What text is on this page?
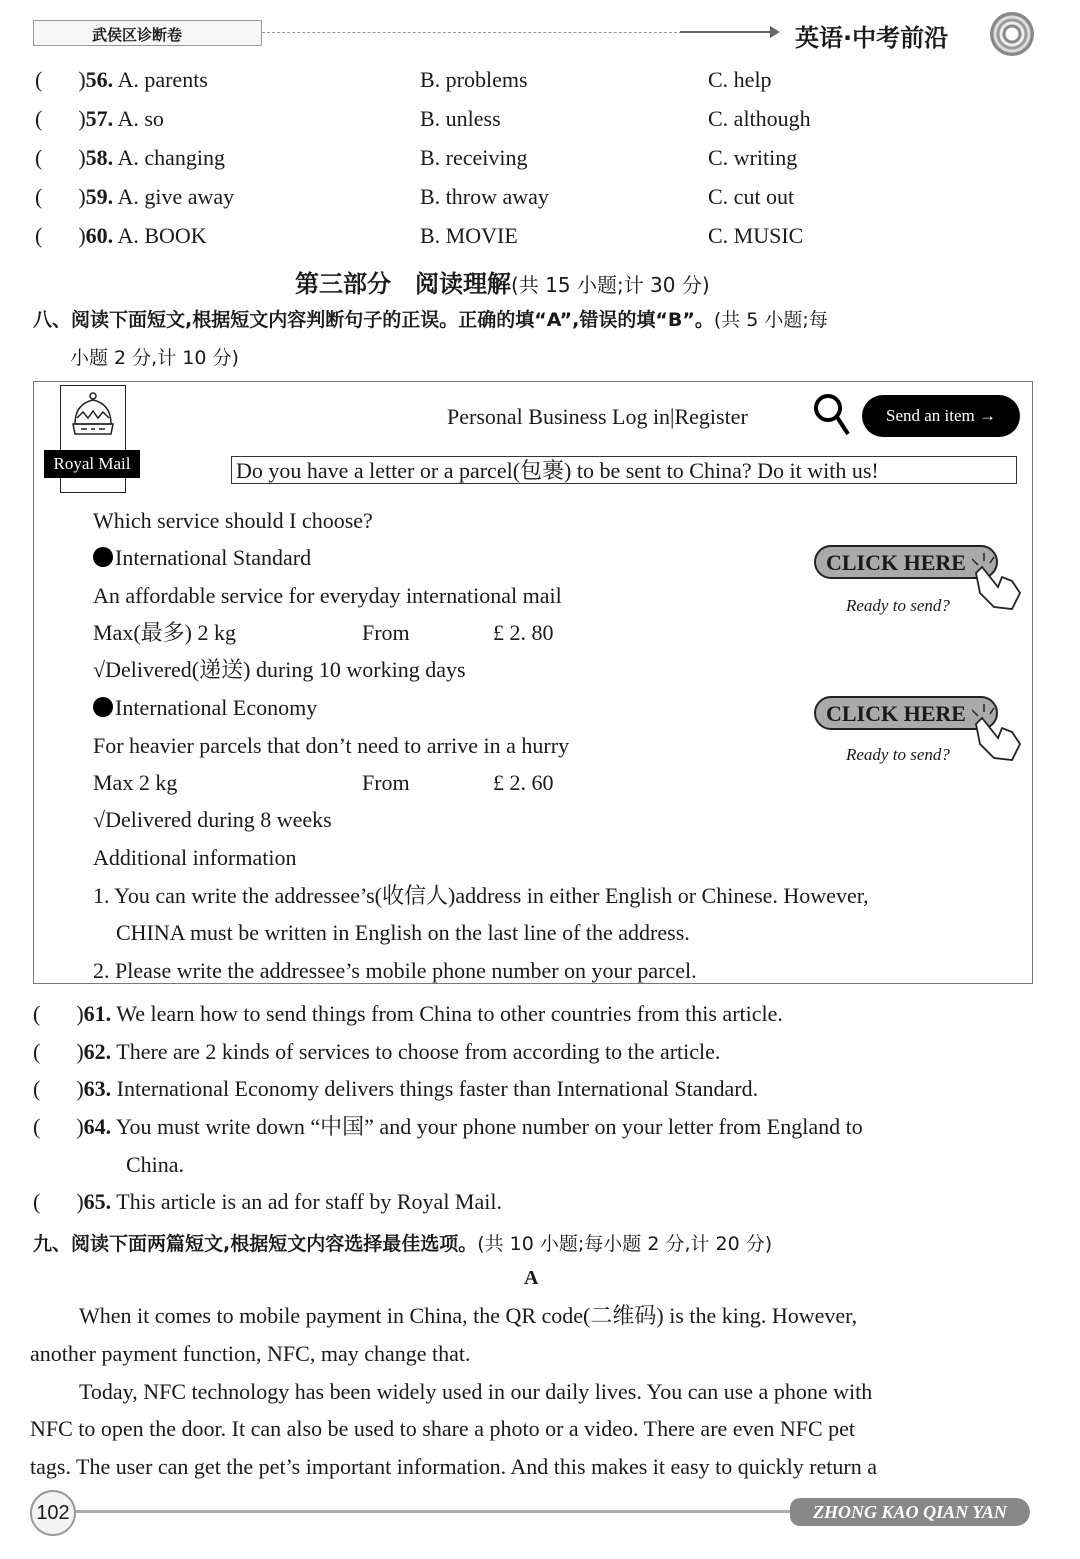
武侯区诊断卷	英语·中考前沿
( )56. A. parents	B. problems	C. help
( )57. A. so	B. unless	C. although
( )58. A. changing	B. receiving	C. writing
( )59. A. give away	B. throw away	C. cut out
( )60. A. BOOK	B. MOVIE	C. MUSIC
第三部分　阅读理解(共 15 小题;计 30 分)
八、阅读下面短文,根据短文内容判断句子的正误。正确的填“A”,错误的填“B”。(共 5 小题;每
小题 2 分,计 10 分)
Royal Mail
Personal Business Log in|Register	Send an item →
Do you have a letter or a parcel(包裹) to be sent to China? Do it with us!
Which service should I choose?
International Standard
An affordable service for everyday international mail
Max(最多) 2 kg	From	£ 2. 80
√Delivered(递送) during 10 working days
CLICK HERE
Ready to send?
International Economy
For heavier parcels that don’t need to arrive in a hurry
Max 2 kg	From	£ 2. 60
√Delivered during 8 weeks
CLICK HERE
Ready to send?
Additional information
1. You can write the addressee’s(收信人)address in either English or Chinese. However,
CHINA must be written in English on the last line of the address.
2. Please write the addressee’s mobile phone number on your parcel.
( )61. We learn how to send things from China to other countries from this article.
( )62. There are 2 kinds of services to choose from according to the article.
( )63. International Economy delivers things faster than International Standard.
( )64. You must write down “中国” and your phone number on your letter from England to
China.
( )65. This article is an ad for staff by Royal Mail.
九、阅读下面两篇短文,根据短文内容选择最佳选项。(共 10 小题;每小题 2 分,计 20 分)
A
When it comes to mobile payment in China, the QR code(二维码) is the king. However,
another payment function, NFC, may change that.
Today, NFC technology has been widely used in our daily lives. You can use a phone with
NFC to open the door. It can also be used to share a photo or a video. There are even NFC pet
tags. The user can get the pet’s important information. And this makes it easy to quickly return a
102	ZHONG KAO QIAN YAN
